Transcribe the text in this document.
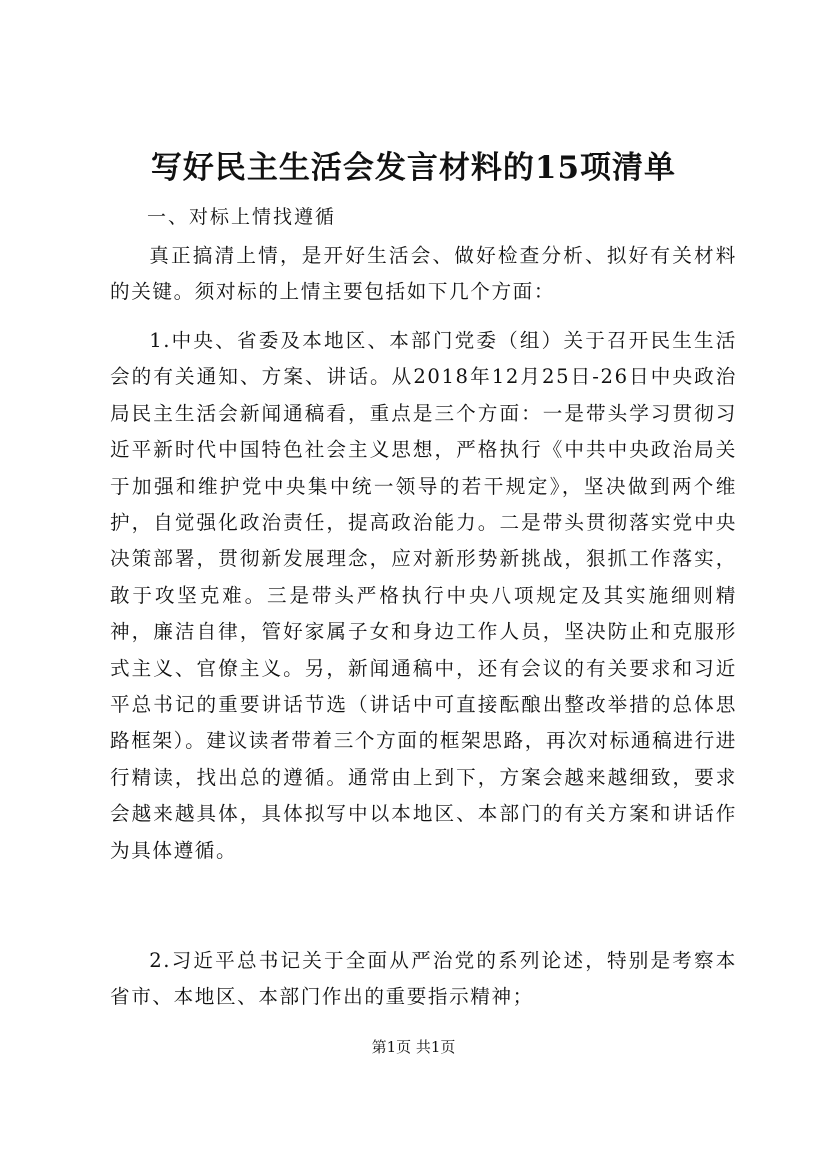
写好民主生活会发言材料的15项清单
一、对标上情找遵循

真正搞清上情，是开好生活会、做好检查分析、拟好有关材料的关键。须对标的上情主要包括如下几个方面：

1.中央、省委及本地区、本部门党委（组）关于召开民生生活会的有关通知、方案、讲话。从2018年12月25日-26日中央政治局民主生活会新闻通稿看，重点是三个方面：一是带头学习贯彻习近平新时代中国特色社会主义思想，严格执行《中共中央政治局关于加强和维护党中央集中统一领导的若干规定》，坚决做到两个维护，自觉强化政治责任，提高政治能力。二是带头贯彻落实党中央决策部署，贯彻新发展理念，应对新形势新挑战，狠抓工作落实，敢于攻坚克难。三是带头严格执行中央八项规定及其实施细则精神，廉洁自律，管好家属子女和身边工作人员，坚决防止和克服形式主义、官僚主义。另，新闻通稿中，还有会议的有关要求和习近平总书记的重要讲话节选（讲话中可直接酝酿出整改举措的总体思路框架）。建议读者带着三个方面的框架思路，再次对标通稿进行进行精读，找出总的遵循。通常由上到下，方案会越来越细致，要求会越来越具体，具体拟写中以本地区、本部门的有关方案和讲话作为具体遵循。

2.习近平总书记关于全面从严治党的系列论述，特别是考察本省市、本地区、本部门作出的重要指示精神；

第1页 共1页
